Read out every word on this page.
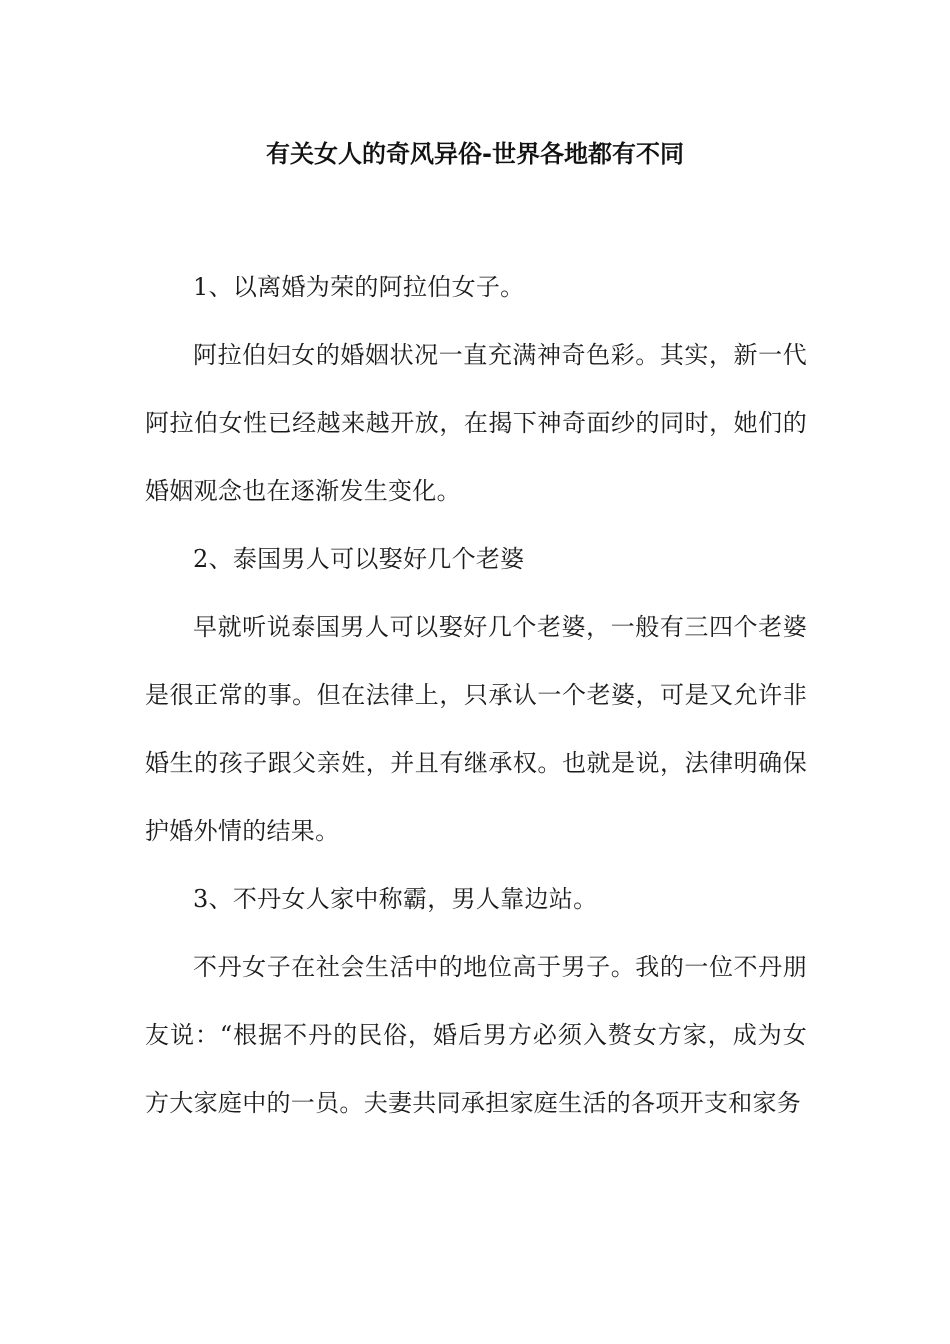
有关女人的奇风异俗-世界各地都有不同

1、以离婚为荣的阿拉伯女子。

阿拉伯妇女的婚姻状况一直充满神奇色彩。其实，新一代阿拉伯女性已经越来越开放，在揭下神奇面纱的同时，她们的婚姻观念也在逐渐发生变化。

2、泰国男人可以娶好几个老婆

早就听说泰国男人可以娶好几个老婆，一般有三四个老婆是很正常的事。但在法律上，只承认一个老婆，可是又允许非婚生的孩子跟父亲姓，并且有继承权。也就是说，法律明确保护婚外情的结果。

3、不丹女人家中称霸，男人靠边站。

不丹女子在社会生活中的地位高于男子。我的一位不丹朋友说：“根据不丹的民俗，婚后男方必须入赘女方家，成为女方大家庭中的一员。夫妻共同承担家庭生活的各项开支和家务
